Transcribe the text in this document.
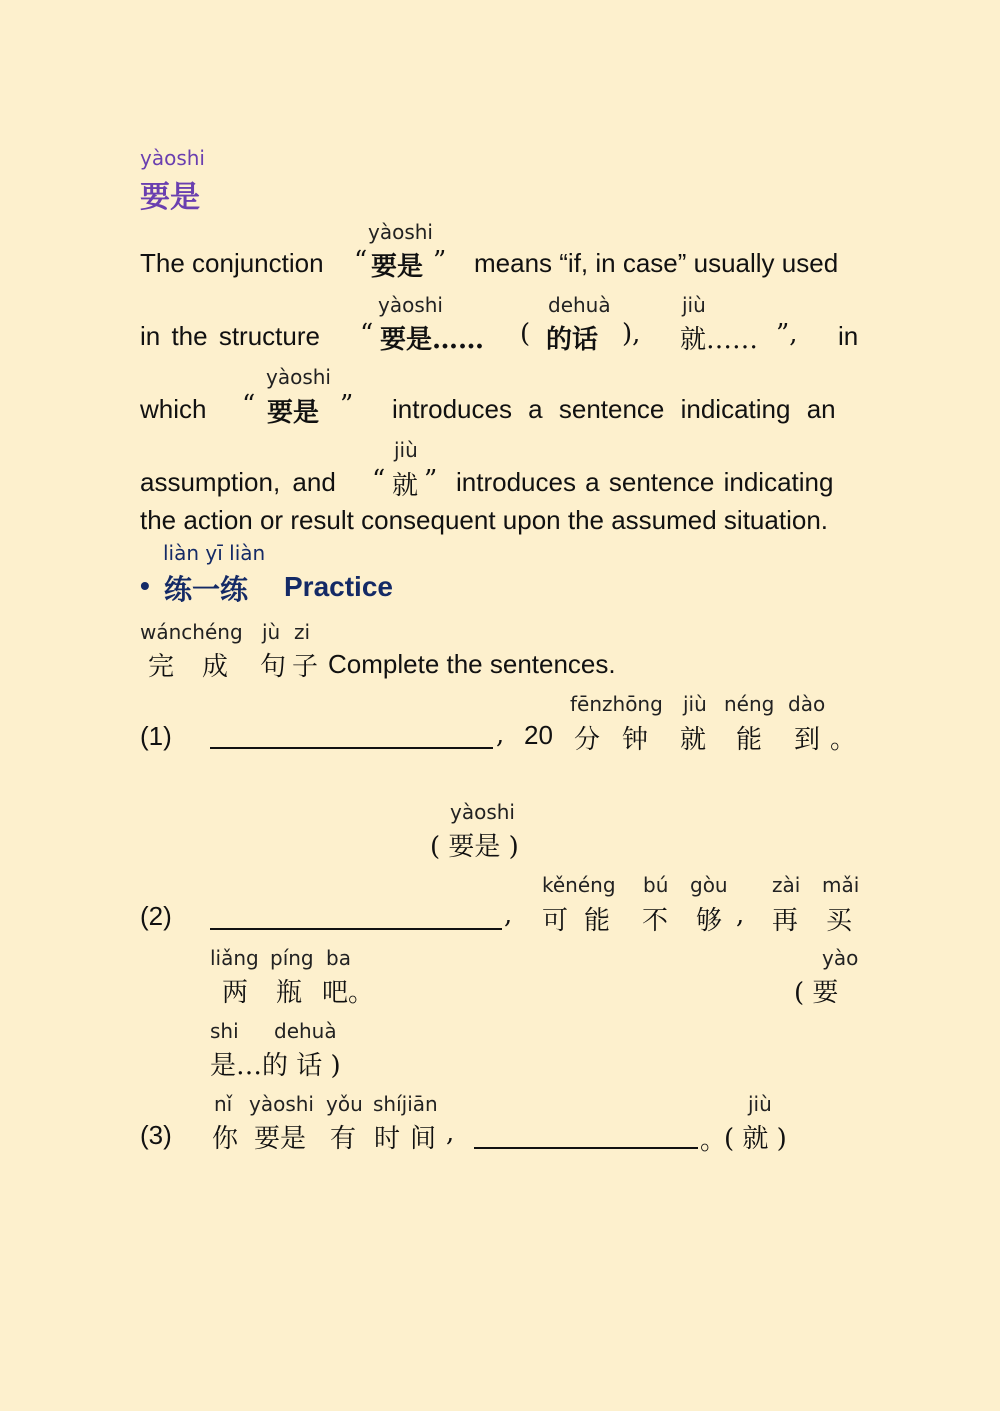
yàoshi
要是
yàoshi
The conjunction “ 要是 ” means “if, in case” usually used
yàoshi	dehuà	jiù
in the structure “ 要是…… ( 的话 ), 就…… ”, in
yàoshi
which “ 要是 ” introduces a sentence indicating an
jiù
assumption, and “ 就 ” introduces a sentence indicating
the action or result consequent upon the assumed situation.
liàn yī liàn
• 练一练 Practice
wánchéng jù zi
完 成 句 子 Complete the sentences.
fēnzhōng jiù néng dào
(1)	, 20 分 钟 就 能 到 。
yàoshi
( 要是 )
kěnéng bú gòu zài mǎi
(2)	, 可 能 不 够 , 再 买
liǎng píng ba	yào
两 瓶 吧。	( 要
shi dehuà
是…的 话 )
nǐ yàoshi yǒu shíjiān	jiù
(3) 你 要是 有 时 间 ,	。
( 就 )
